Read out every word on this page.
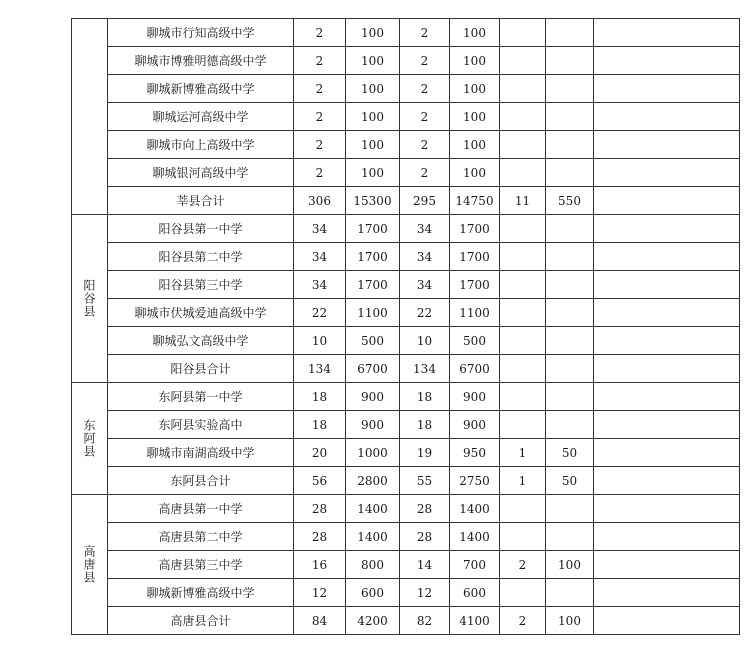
	聊城市行知高级中学	2	100	2	100			
	聊城市博雅明德高级中学	2	100	2	100			
	聊城新博雅高级中学	2	100	2	100			
	聊城运河高级中学	2	100	2	100			
	聊城市向上高级中学	2	100	2	100			
	聊城银河高级中学	2	100	2	100			
	莘县合计	306	15300	295	14750	11	550	
阳谷县	阳谷县第一中学	34	1700	34	1700			
	阳谷县第二中学	34	1700	34	1700			
	阳谷县第三中学	34	1700	34	1700			
	聊城市伏城爱迪高级中学	22	1100	22	1100			
	聊城弘文高级中学	10	500	10	500			
	阳谷县合计	134	6700	134	6700			
东阿县	东阿县第一中学	18	900	18	900			
	东阿县实验高中	18	900	18	900			
	聊城市南湖高级中学	20	1000	19	950	1	50	
	东阿县合计	56	2800	55	2750	1	50	
高唐县	高唐县第一中学	28	1400	28	1400			
	高唐县第二中学	28	1400	28	1400			
	高唐县第三中学	16	800	14	700	2	100	
	聊城新博雅高级中学	12	600	12	600			
	高唐县合计	84	4200	82	4100	2	100	
